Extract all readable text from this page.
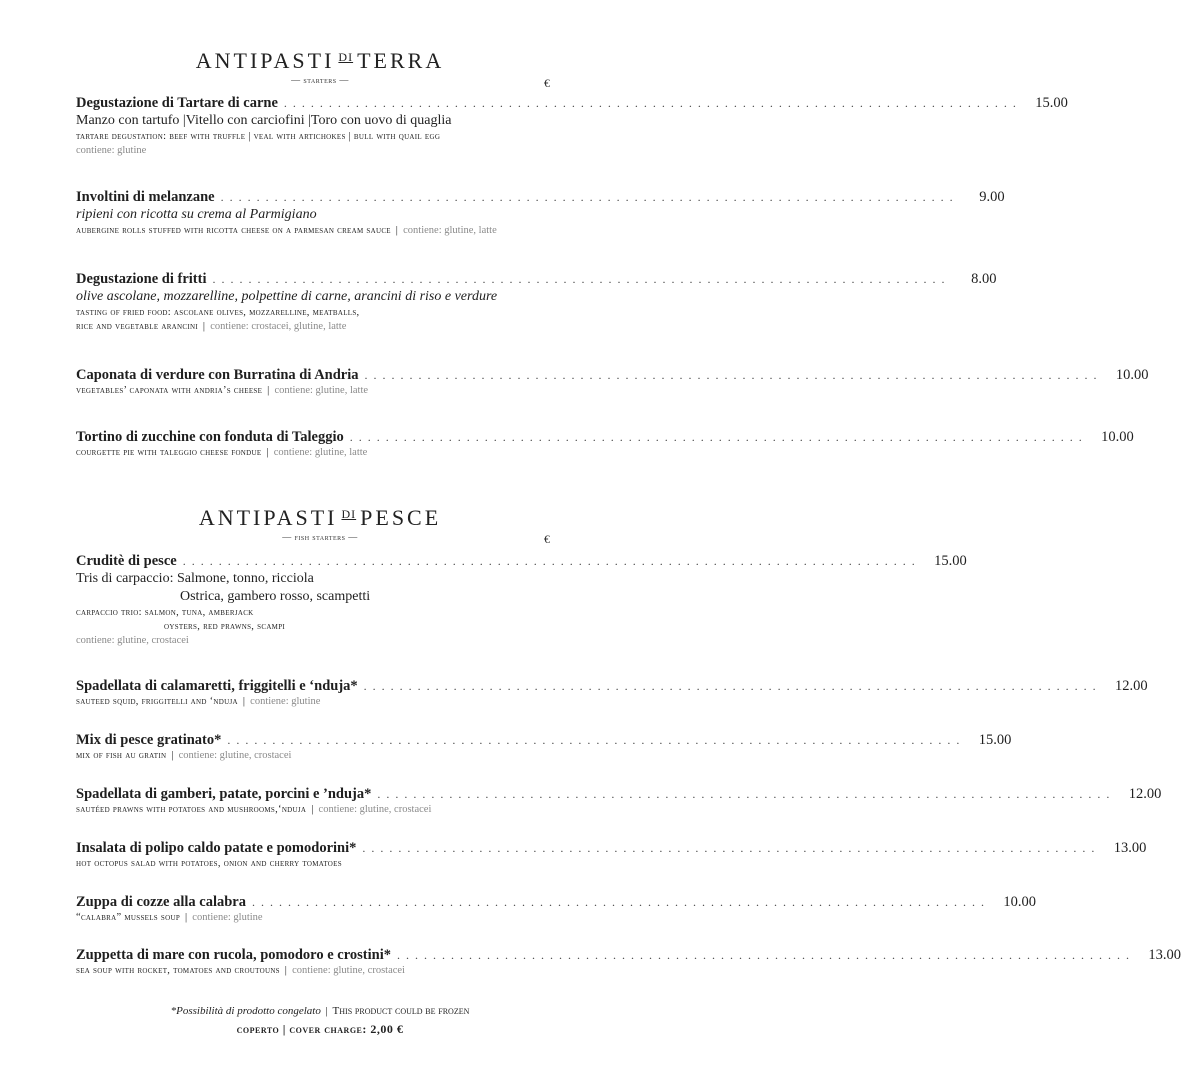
ANTIPASTI $^{DI}$ TERRA
— starters —	€
Degustazione di Tartare di carne .................................................................................. 15.00
Manzo con tartufo |Vitello con carciofini |Toro con uovo di quaglia
tartare degustation: beef with truffle | veal with artichokes | bull with quail egg
contiene: glutine
Involtini di melanzane ..................................................................................	9.00
ripieni con ricotta su crema al Parmigiano
aubergine rolls stuffed with ricotta cheese on a parmesan cream sauce | contiene: glutine, latte
Degustazione di fritti ..................................................................................	8.00
olive ascolane, mozzarelline, polpettine di carne, arancini di riso e verdure
tasting of fried food: ascolane olives, mozzarelline, meatballs,
rice and vegetable arancini | contiene: crostacei, glutine, latte
Caponata di verdure con Burratina di Andria .................................................................................. 10.00
vegetables’ caponata with andria’s cheese | contiene: glutine, latte
Tortino di zucchine con fonduta di Taleggio .................................................................................. 10.00
courgette pie with taleggio cheese fondue | contiene: glutine, latte
ANTIPASTI $^{DI}$ PESCE
— fish starters —	€
Cruditè di pesce .................................................................................. 15.00
Tris di carpaccio: Salmone, tonno, ricciola
Ostrica, gambero rosso, scampetti
carpaccio trio: salmon, tuna, amberjack
oysters, red prawns, scampi
contiene: glutine, crostacei
Spadellata di calamaretti, friggitelli e ‘nduja* .................................................................................. 12.00
sauteed squid, friggitelli and ‘nduja | contiene: glutine
Mix di pesce gratinato* .................................................................................. 15.00
mix of fish au gratin | contiene: glutine, crostacei
Spadellata di gamberi, patate, porcini e ’nduja* .................................................................................. 12.00
sautéed prawns with potatoes and mushrooms,‘nduja | contiene: glutine, crostacei
Insalata di polipo caldo patate e pomodorini* .................................................................................. 13.00
hot octopus salad with potatoes, onion and cherry tomatoes
Zuppa di cozze alla calabra .................................................................................. 10.00
“calabra” mussels soup | contiene: glutine
Zuppetta di mare con rucola, pomodoro e crostini* .................................................................................. 13.00
sea soup with rocket, tomatoes and croutouns | contiene: glutine, crostacei
*Possibilità di prodotto congelato | This product could be frozen
coperto | cover charge: 2,00 €
